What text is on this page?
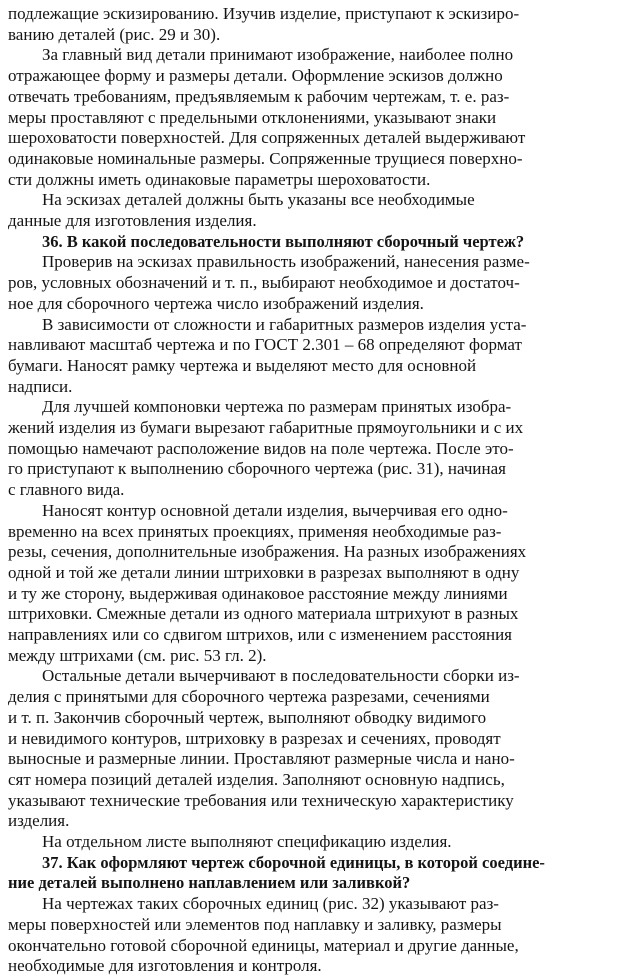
подлежащие эскизированию. Изучив изделие, приступают к эскизиро-
ванию деталей (рис. 29 и 30).
За главный вид детали принимают изображение, наиболее полно
отражающее форму и размеры детали. Оформление эскизов должно
отвечать требованиям, предъявляемым к рабочим чертежам, т. е. раз-
меры проставляют с предельными отклонениями, указывают знаки
шероховатости поверхностей. Для сопряженных деталей выдерживают
одинаковые номинальные размеры. Сопряженные трущиеся поверхно-
сти должны иметь одинаковые параметры шероховатости.
На эскизах деталей должны быть указаны все необходимые
данные для изготовления изделия.
36. В какой последовательности выполняют сборочный чертеж?
Проверив на эскизах правильность изображений, нанесения разме-
ров, условных обозначений и т. п., выбирают необходимое и достаточ-
ное для сборочного чертежа число изображений изделия.
В зависимости от сложности и габаритных размеров изделия уста-
навливают масштаб чертежа и по ГОСТ 2.301 – 68 определяют формат
бумаги. Наносят рамку чертежа и выделяют место для основной
надписи.
Для лучшей компоновки чертежа по размерам принятых изобра-
жений изделия из бумаги вырезают габаритные прямоугольники и с их
помощью намечают расположение видов на поле чертежа. После это-
го приступают к выполнению сборочного чертежа (рис. 31), начиная
с главного вида.
Наносят контур основной детали изделия, вычерчивая его одно-
временно на всех принятых проекциях, применяя необходимые раз-
резы, сечения, дополнительные изображения. На разных изображениях
одной и той же детали линии штриховки в разрезах выполняют в одну
и ту же сторону, выдерживая одинаковое расстояние между линиями
штриховки. Смежные детали из одного материала штрихуют в разных
направлениях или со сдвигом штрихов, или с изменением расстояния
между штрихами (см. рис. 53 гл. 2).
Остальные детали вычерчивают в последовательности сборки из-
делия с принятыми для сборочного чертежа разрезами, сечениями
и т. п. Закончив сборочный чертеж, выполняют обводку видимого
и невидимого контуров, штриховку в разрезах и сечениях, проводят
выносные и размерные линии. Проставляют размерные числа и нано-
сят номера позиций деталей изделия. Заполняют основную надпись,
указывают технические требования или техническую характеристику
изделия.
На отдельном листе выполняют спецификацию изделия.
37. Как оформляют чертеж сборочной единицы, в которой соедине-
ние деталей выполнено наплавлением или заливкой?
На чертежах таких сборочных единиц (рис. 32) указывают раз-
меры поверхностей или элементов под наплавку и заливку, размеры
окончательно готовой сборочной единицы, материал и другие данные,
необходимые для изготовления и контроля.
